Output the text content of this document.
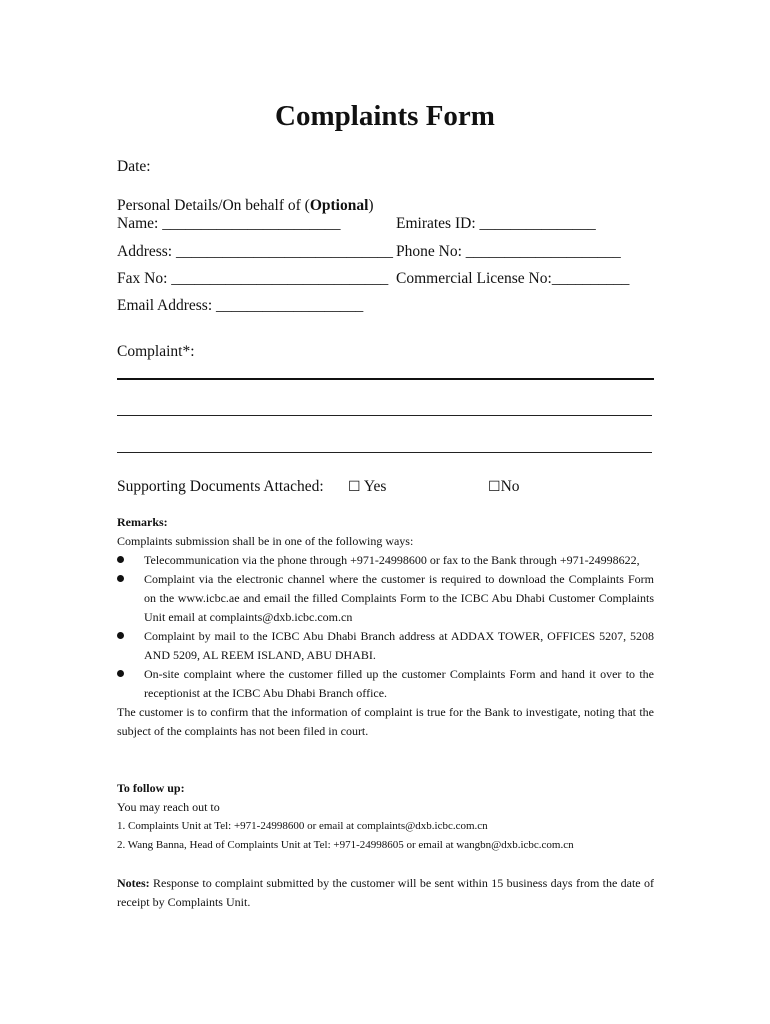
Complaints Form
Date:
Personal Details/On behalf of (Optional)
Name: _______________________	Emirates ID: _______________
Address: ____________________________ Phone No: ____________________
Fax No: ____________________________ Commercial License No:__________
Email Address: ___________________
Complaint*:
Supporting Documents Attached: ☐ Yes	☐No
Remarks:
Complaints submission shall be in one of the following ways:
Telecommunication via the phone through +971-24998600 or fax to the Bank through +971-24998622,
Complaint via the electronic channel where the customer is required to download the Complaints Form on the www.icbc.ae and email the filled Complaints Form to the ICBC Abu Dhabi Customer Complaints Unit email at complaints@dxb.icbc.com.cn
Complaint by mail to the ICBC Abu Dhabi Branch address at ADDAX TOWER, OFFICES 5207, 5208 AND 5209, AL REEM ISLAND, ABU DHABI.
On-site complaint where the customer filled up the customer Complaints Form and hand it over to the receptionist at the ICBC Abu Dhabi Branch office.
The customer is to confirm that the information of complaint is true for the Bank to investigate, noting that the subject of the complaints has not been filed in court.
To follow up:
You may reach out to
1. Complaints Unit at Tel: +971-24998600 or email at complaints@dxb.icbc.com.cn
2. Wang Banna, Head of Complaints Unit at Tel: +971-24998605 or email at wangbn@dxb.icbc.com.cn
Notes: Response to complaint submitted by the customer will be sent within 15 business days from the date of receipt by Complaints Unit.
